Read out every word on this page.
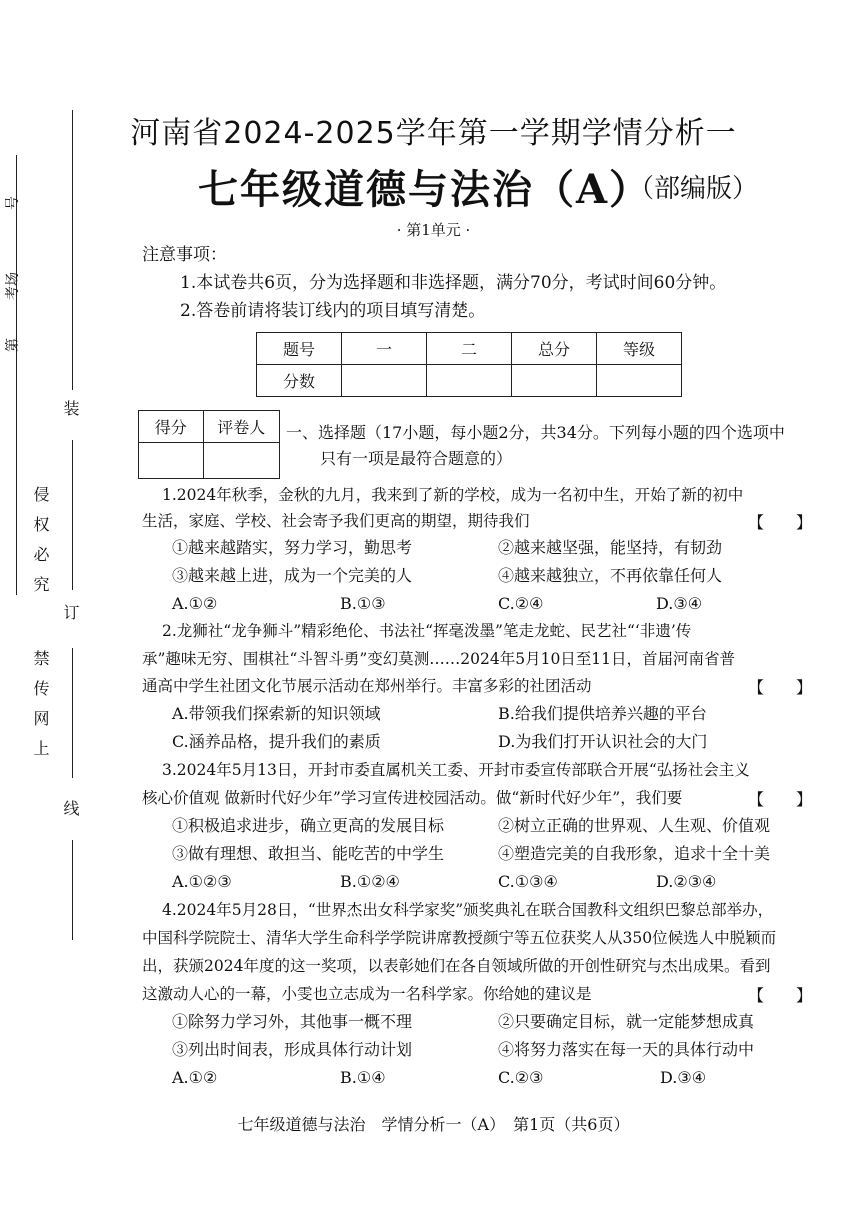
号
考场
第
装
订
线
侵权必究
禁传网上
河南省2024-2025学年第一学期学情分析一
七年级道德与法治（A）
（部编版）
· 第1单元 ·
注意事项：
1.本试卷共6页，分为选择题和非选择题，满分70分，考试时间60分钟。
2.答卷前请将装订线内的项目填写清楚。
题号	一	二	总分	等级
分数				
得分	评卷人
	一、选择题（17小题，每小题2分，共34分。下列每小题的四个选项中
只有一项是最符合题意的）
1.2024年秋季，金秋的九月，我来到了新的学校，成为一名初中生，开始了新的初中
生活，家庭、学校、社会寄予我们更高的期望，期待我们	【　　】
①越来越踏实，努力学习，勤思考	②越来越坚强，能坚持，有韧劲
③越来越上进，成为一个完美的人	④越来越独立，不再依靠任何人
A.①②	B.①③	C.②④	D.③④
2.龙狮社“龙争狮斗”精彩绝伦、书法社“挥毫泼墨”笔走龙蛇、民艺社“‘非遗’传
承”趣味无穷、围棋社“斗智斗勇”变幻莫测……2024年5月10日至11日，首届河南省普
通高中学生社团文化节展示活动在郑州举行。丰富多彩的社团活动	【　　】
A.带领我们探索新的知识领域	B.给我们提供培养兴趣的平台
C.涵养品格，提升我们的素质	D.为我们打开认识社会的大门
3.2024年5月13日，开封市委直属机关工委、开封市委宣传部联合开展“弘扬社会主义
核心价值观 做新时代好少年”学习宣传进校园活动。做“新时代好少年”，我们要	【　　】
①积极追求进步，确立更高的发展目标	②树立正确的世界观、人生观、价值观
③做有理想、敢担当、能吃苦的中学生	④塑造完美的自我形象，追求十全十美
A.①②③	B.①②④	C.①③④	D.②③④
4.2024年5月28日，“世界杰出女科学家奖”颁奖典礼在联合国教科文组织巴黎总部举办，
中国科学院院士、清华大学生命科学学院讲席教授颜宁等五位获奖人从350位候选人中脱颖而
出，获颁2024年度的这一奖项，以表彰她们在各自领域所做的开创性研究与杰出成果。看到
这激动人心的一幕，小雯也立志成为一名科学家。你给她的建议是	【　　】
①除努力学习外，其他事一概不理	②只要确定目标，就一定能梦想成真
③列出时间表，形成具体行动计划	④将努力落实在每一天的具体行动中
A.①②	B.①④	C.②③	D.③④
七年级道德与法治　学情分析一（A）　第1页（共6页）
